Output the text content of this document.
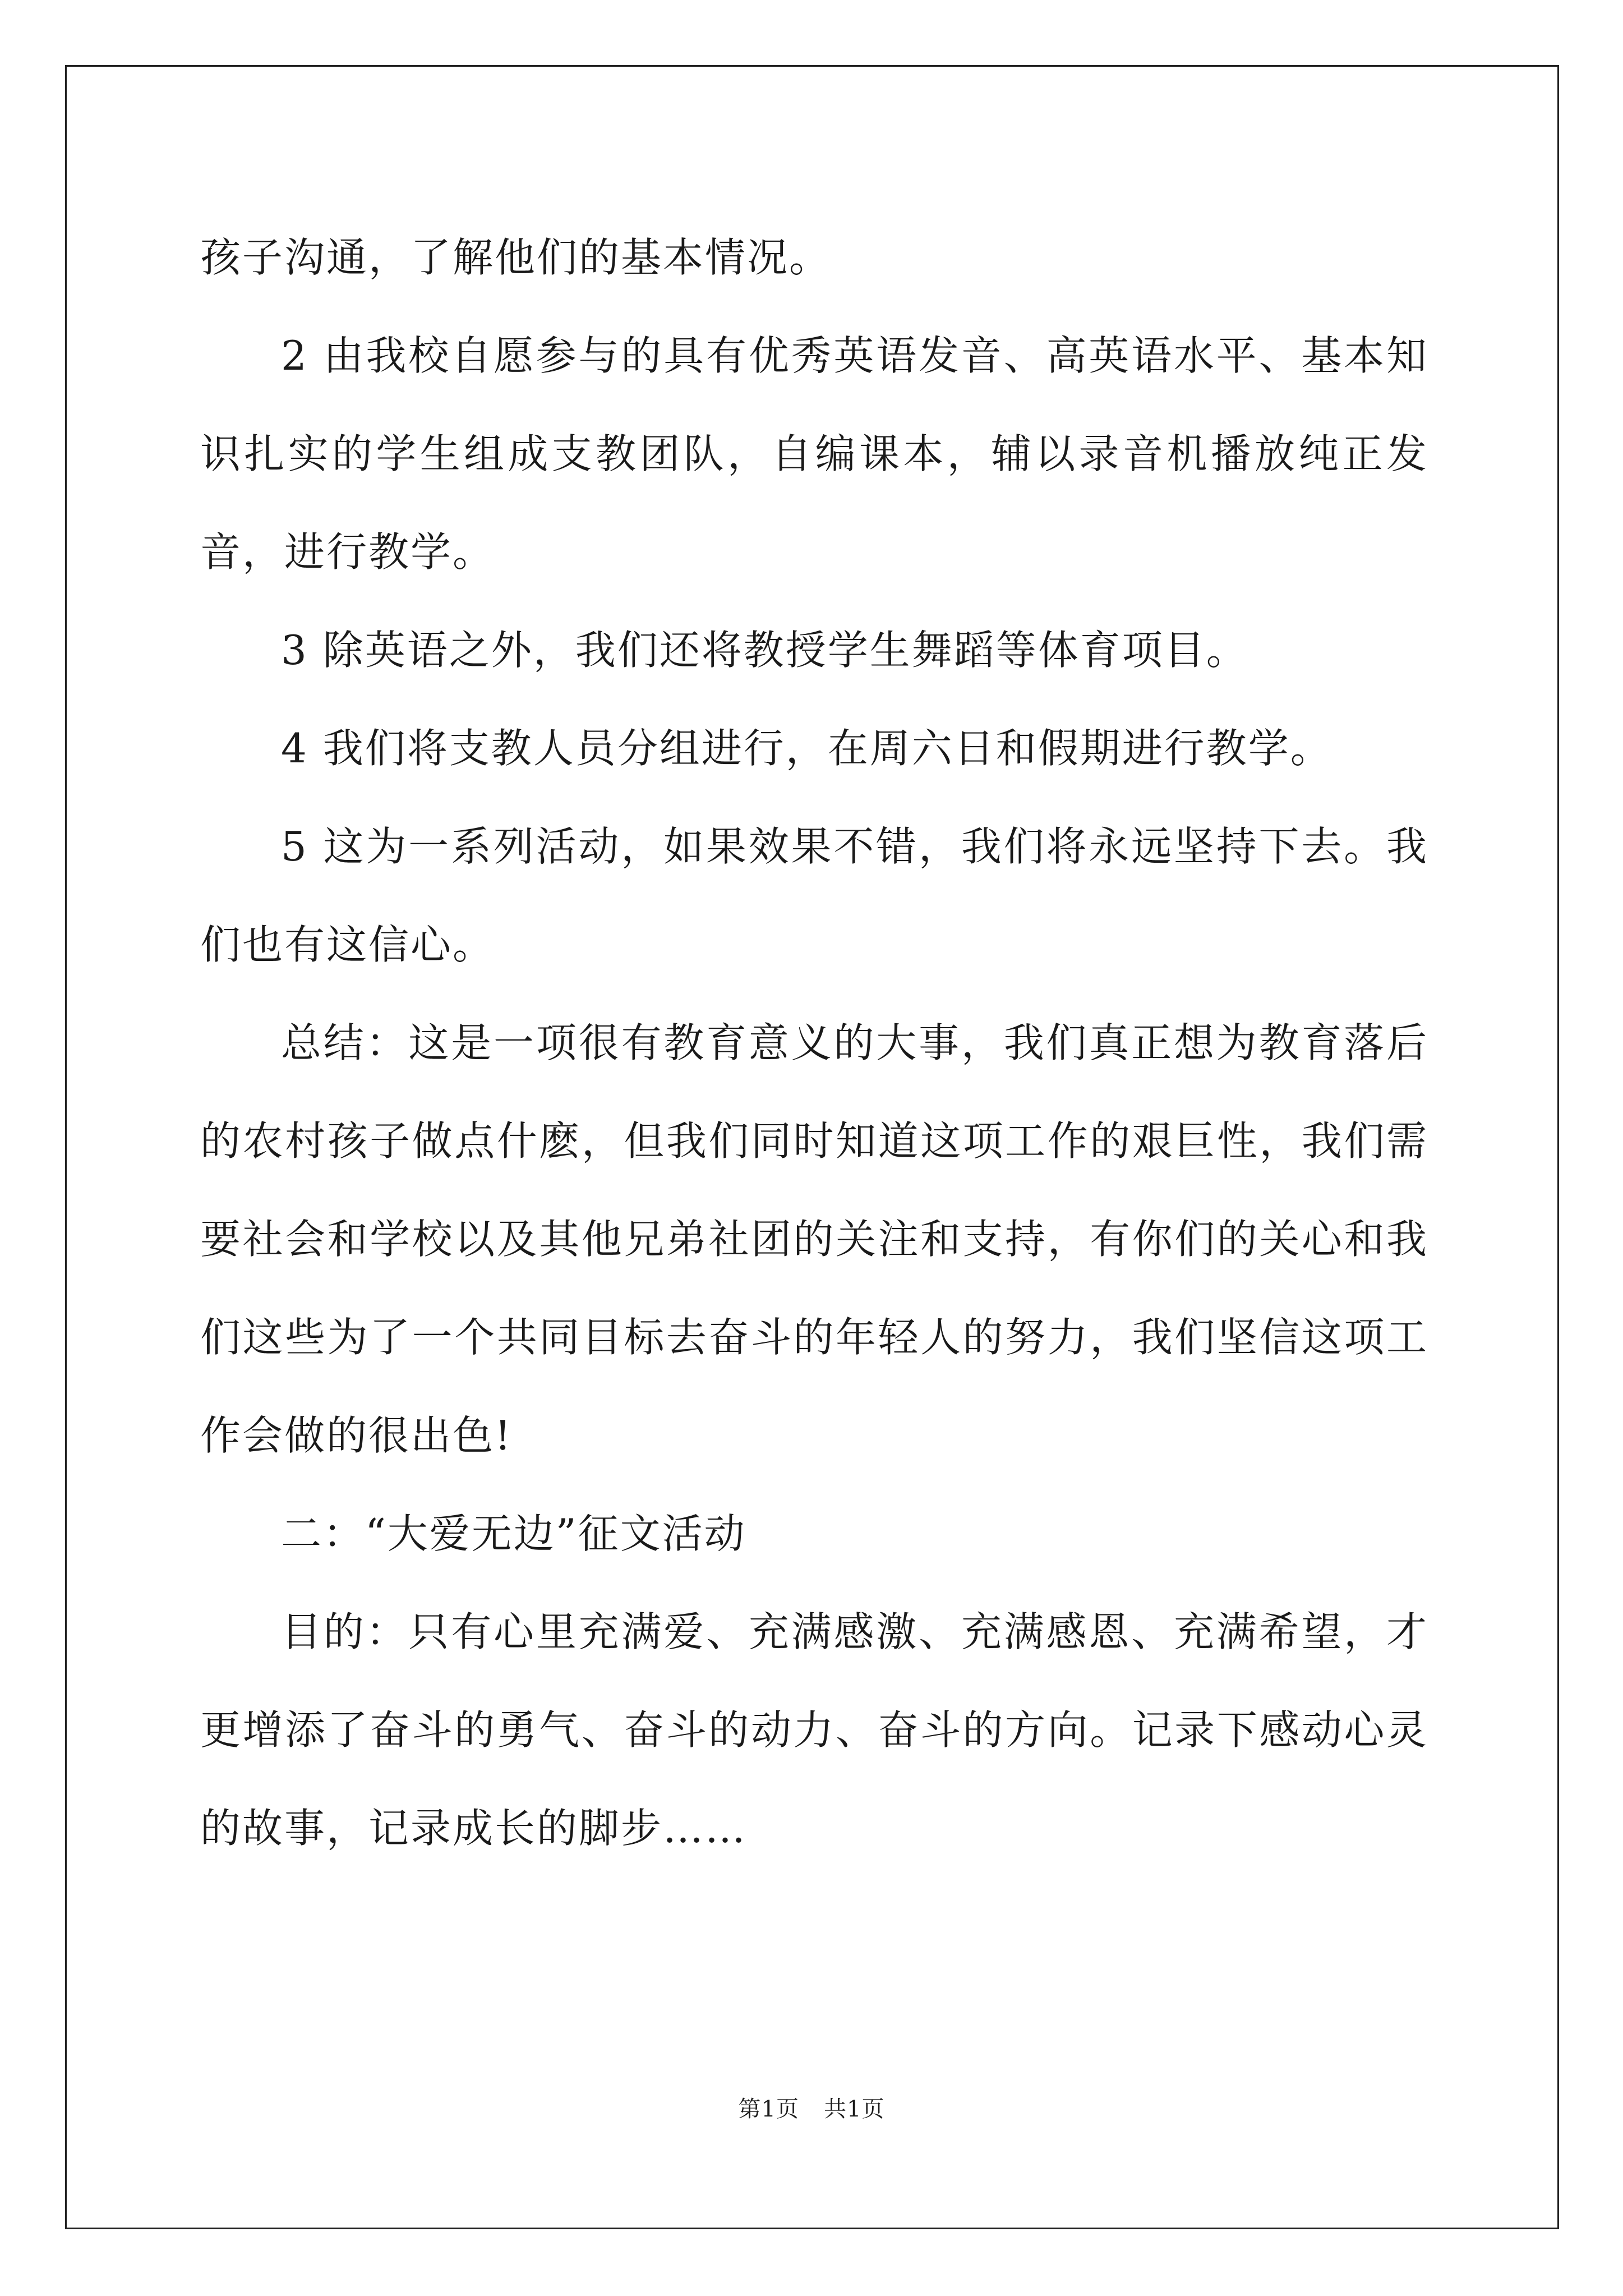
孩子沟通，了解他们的基本情况。

2 由我校自愿参与的具有优秀英语发音、高英语水平、基本知识扎实的学生组成支教团队，自编课本，辅以录音机播放纯正发音，进行教学。

3 除英语之外，我们还将教授学生舞蹈等体育项目。

4 我们将支教人员分组进行，在周六日和假期进行教学。

5 这为一系列活动，如果效果不错，我们将永远坚持下去。我们也有这信心。

总结：这是一项很有教育意义的大事，我们真正想为教育落后的农村孩子做点什麽，但我们同时知道这项工作的艰巨性，我们需要社会和学校以及其他兄弟社团的关注和支持，有你们的关心和我们这些为了一个共同目标去奋斗的年轻人的努力，我们坚信这项工作会做的很出色!

二：“大爱无边”征文活动

目的：只有心里充满爱、充满感激、充满感恩、充满希望，才更增添了奋斗的勇气、奋斗的动力、奋斗的方向。记录下感动心灵的故事，记录成长的脚步……

第1页 共1页
